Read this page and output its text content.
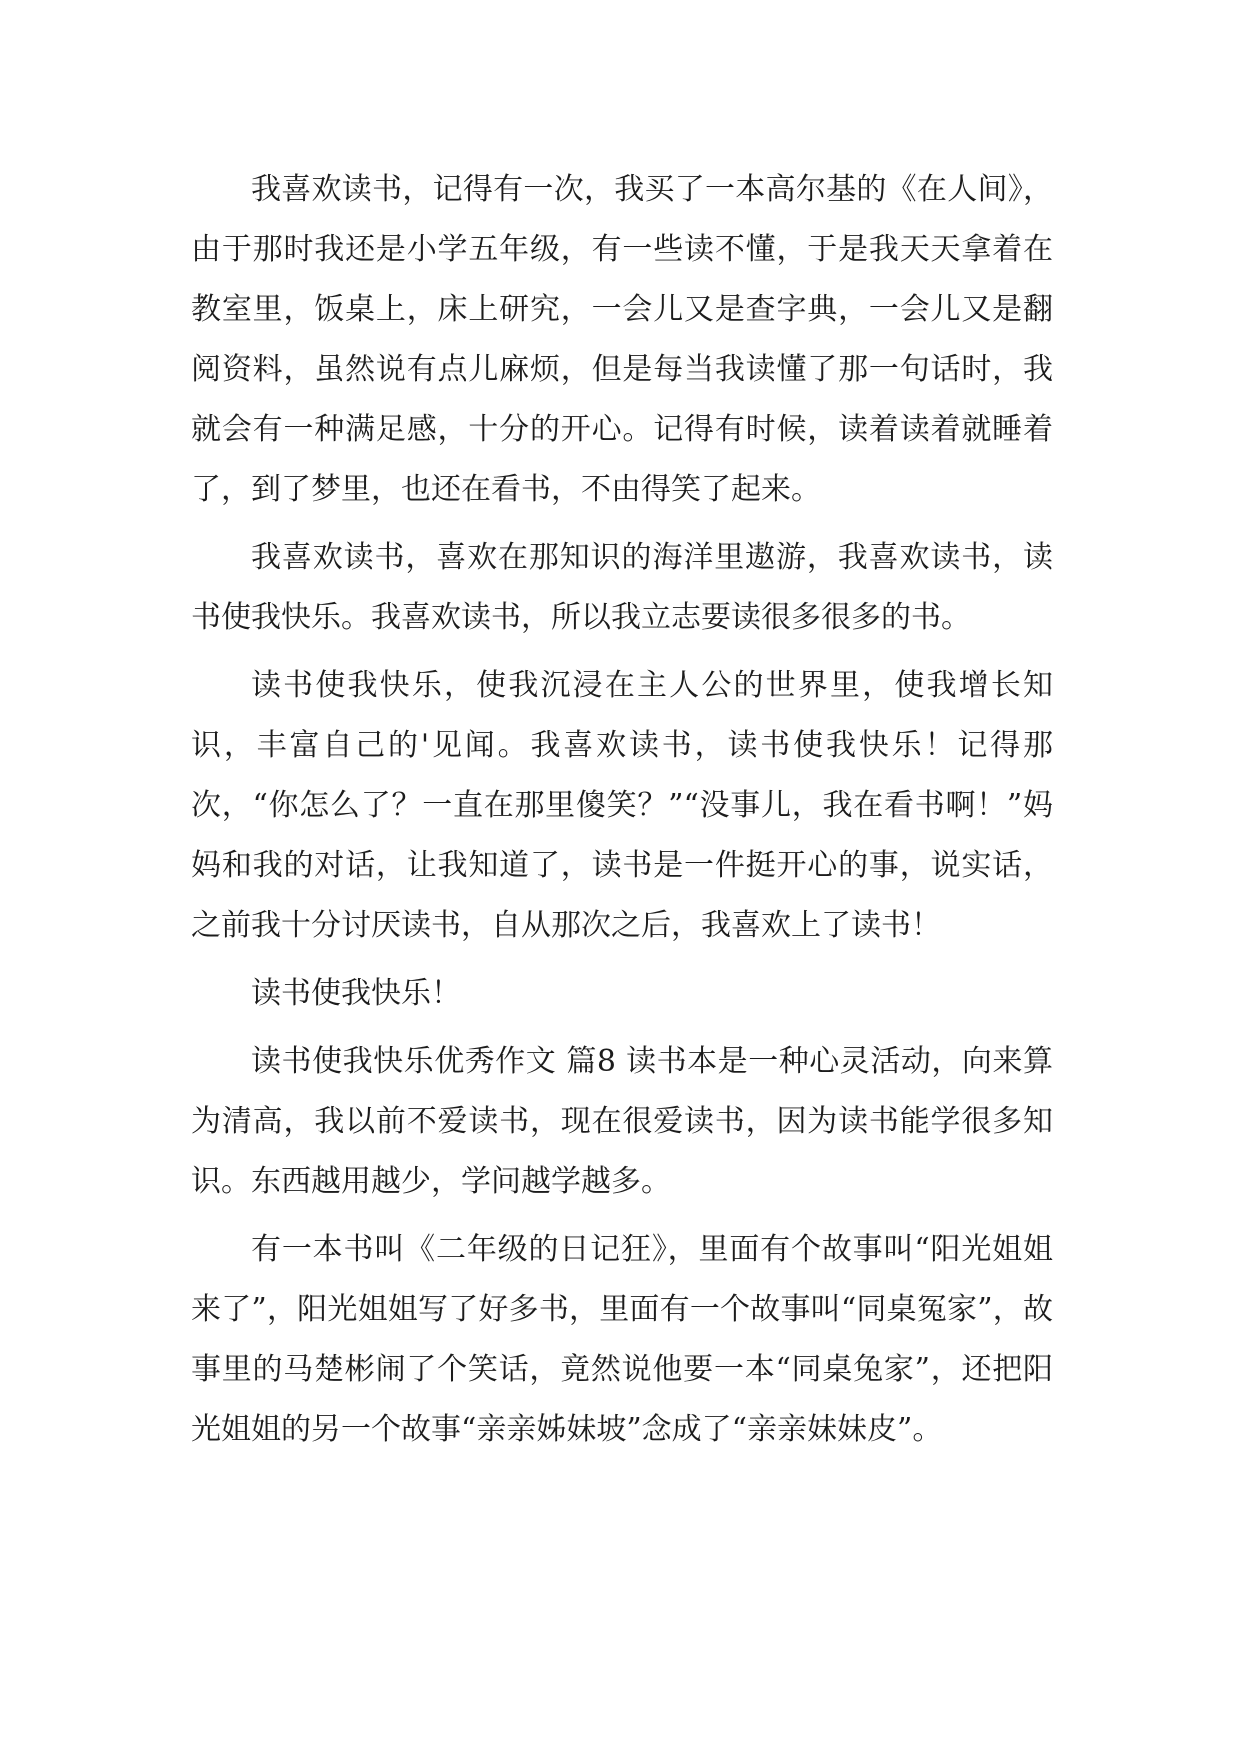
我喜欢读书，记得有一次，我买了一本高尔基的《在人间》，由于那时我还是小学五年级，有一些读不懂，于是我天天拿着在教室里，饭桌上，床上研究，一会儿又是查字典，一会儿又是翻阅资料，虽然说有点儿麻烦，但是每当我读懂了那一句话时，我就会有一种满足感，十分的开心。记得有时候，读着读着就睡着了，到了梦里，也还在看书，不由得笑了起来。

我喜欢读书，喜欢在那知识的海洋里遨游，我喜欢读书，读书使我快乐。我喜欢读书，所以我立志要读很多很多的书。

读书使我快乐，使我沉浸在主人公的世界里，使我增长知识，丰富自己的'见闻。我喜欢读书，读书使我快乐！记得那次，“你怎么了？一直在那里傻笑？”“没事儿，我在看书啊！”妈妈和我的对话，让我知道了，读书是一件挺开心的事，说实话，之前我十分讨厌读书，自从那次之后，我喜欢上了读书！

读书使我快乐！

读书使我快乐优秀作文 篇8 读书本是一种心灵活动，向来算为清高，我以前不爱读书，现在很爱读书，因为读书能学很多知识。东西越用越少，学问越学越多。

有一本书叫《二年级的日记狂》，里面有个故事叫“阳光姐姐来了”，阳光姐姐写了好多书，里面有一个故事叫“同桌冤家”，故事里的马楚彬闹了个笑话，竟然说他要一本“同桌兔家”，还把阳光姐姐的另一个故事“亲亲姊妹坡”念成了“亲亲妹妹皮”。
